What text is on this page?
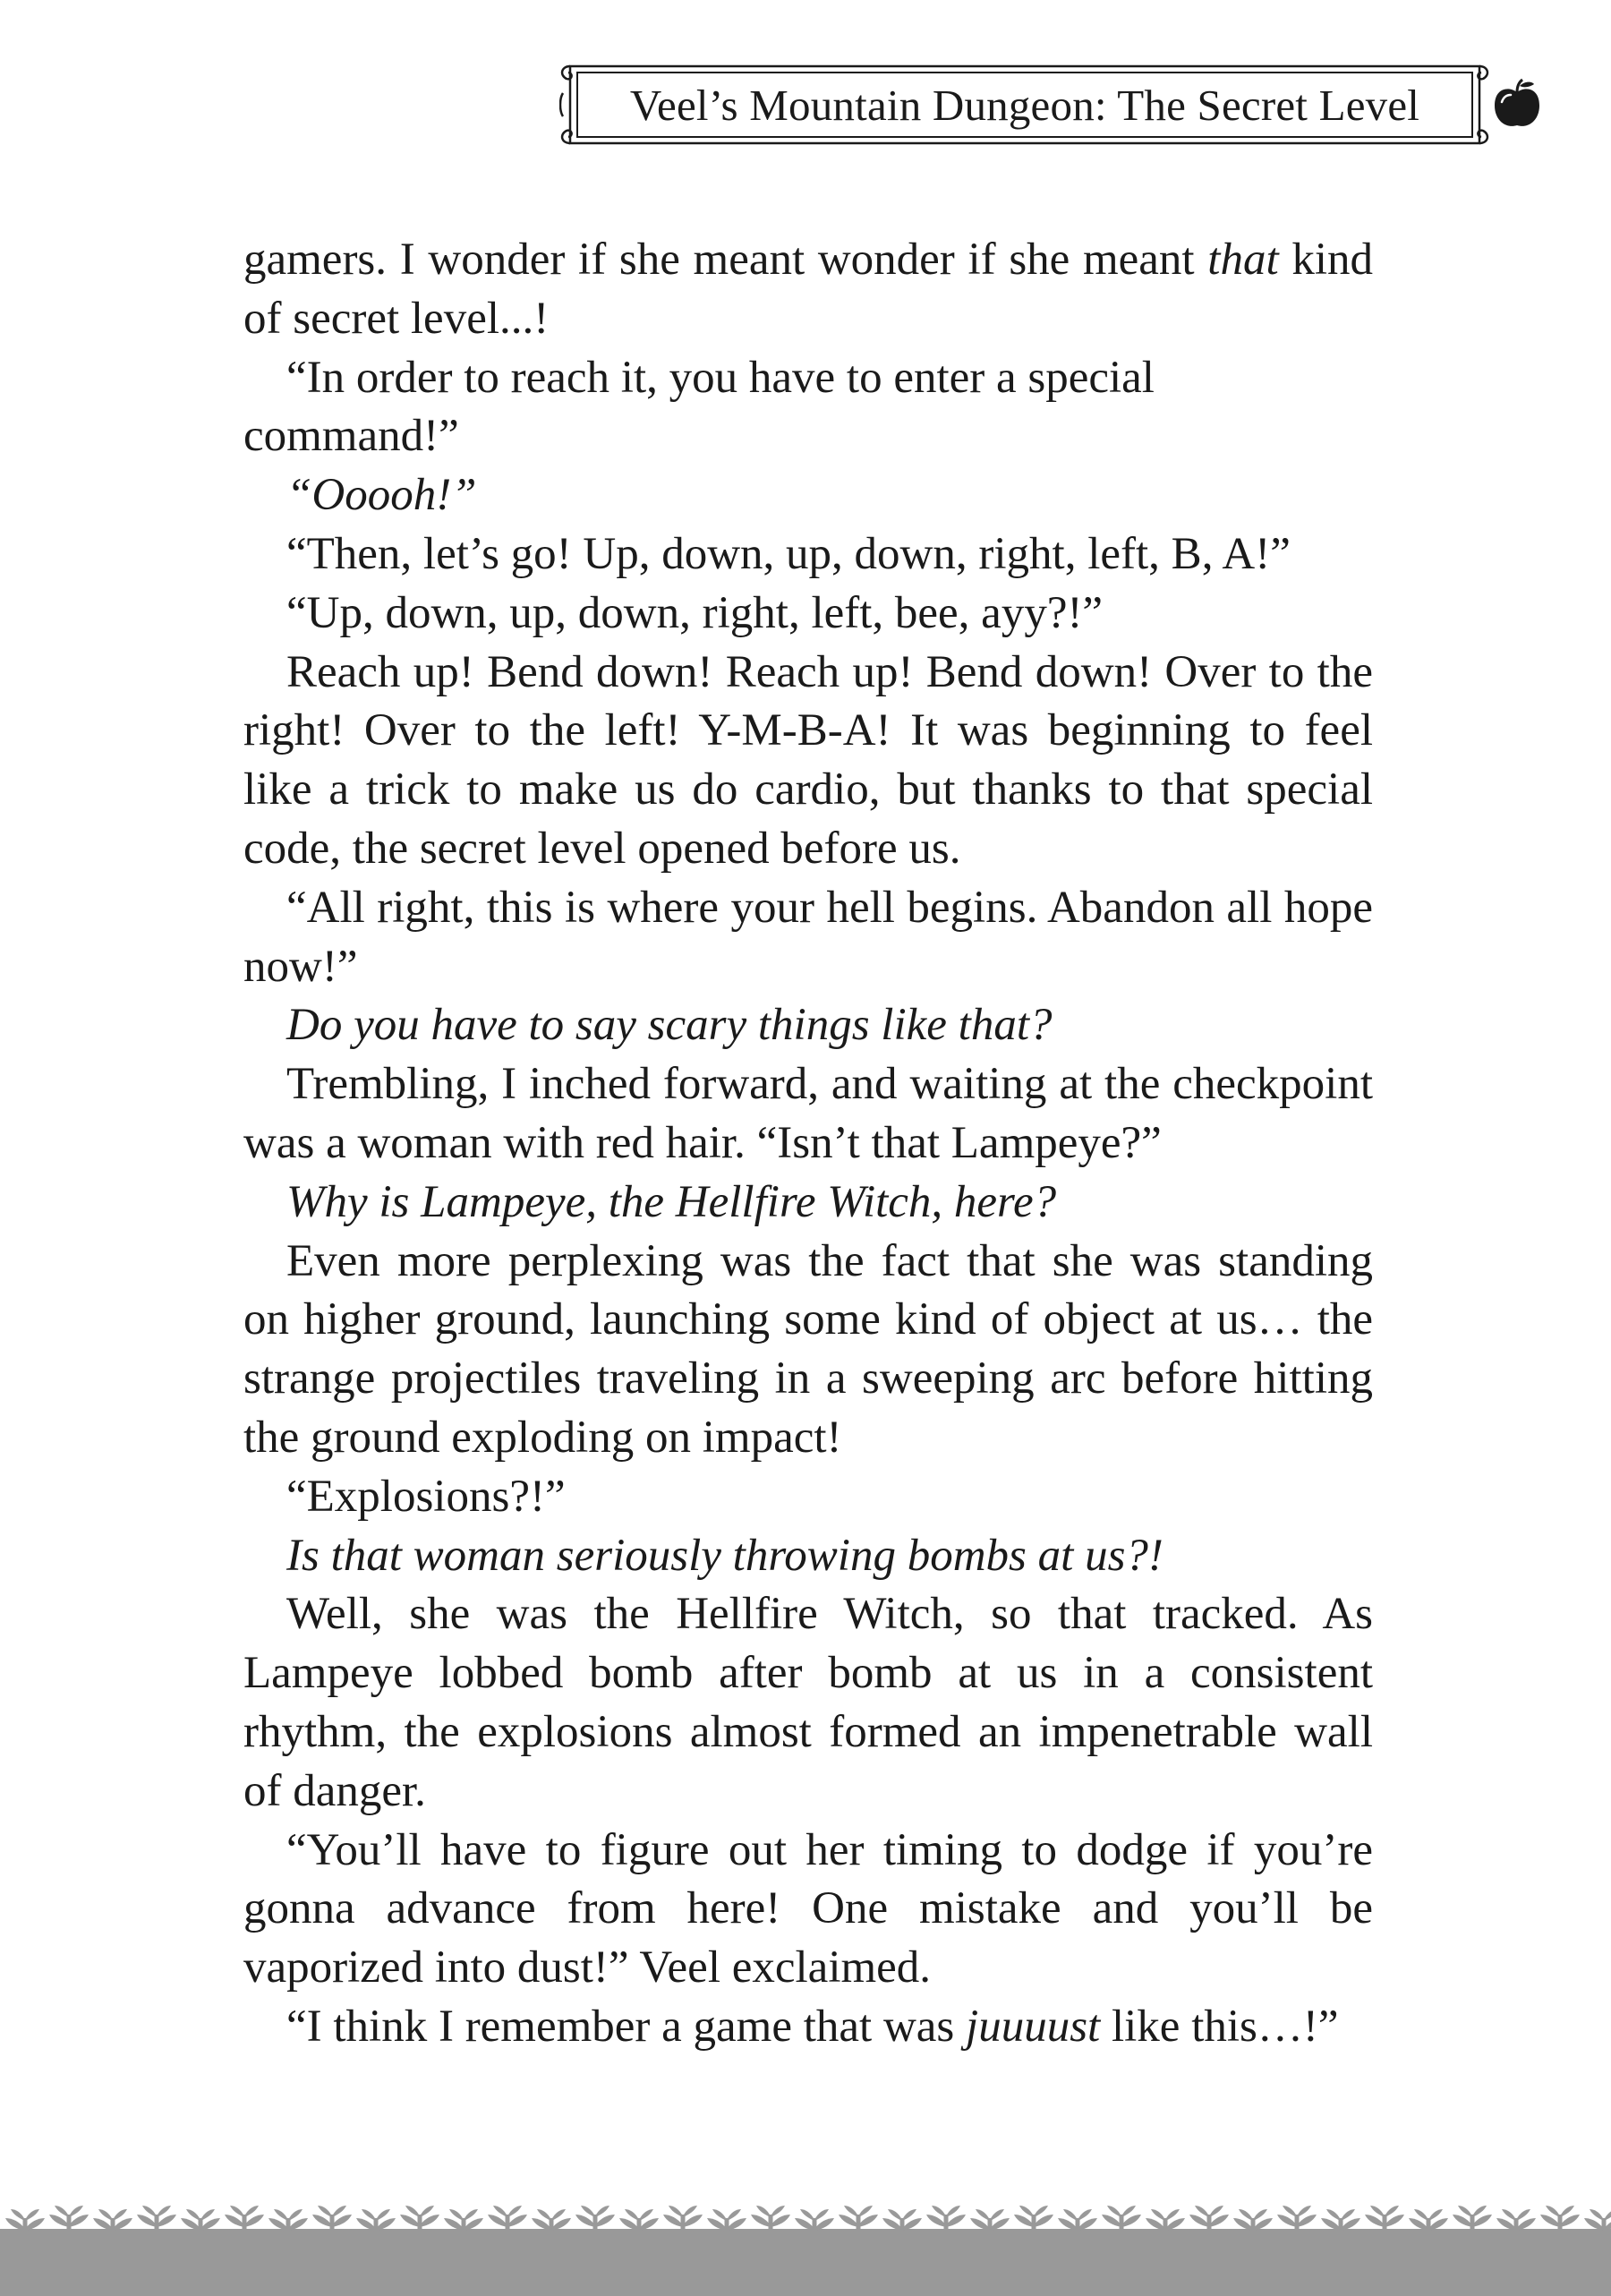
Veel’s Mountain Dungeon: The Secret Level

gamers. I wonder if she meant wonder if she meant that kind of secret level...!

“In order to reach it, you have to enter a special command!”

“Ooooh!”

“Then, let’s go! Up, down, up, down, right, left, B, A!”

“Up, down, up, down, right, left, bee, ayy?!”

Reach up! Bend down! Reach up! Bend down! Over to the right! Over to the left! Y-M-B-A! It was beginning to feel like a trick to make us do cardio, but thanks to that special code, the secret level opened before us.

“All right, this is where your hell begins. Abandon all hope now!”

Do you have to say scary things like that?

Trembling, I inched forward, and waiting at the checkpoint was a woman with red hair. “Isn’t that Lampeye?”

Why is Lampeye, the Hellfire Witch, here?

Even more perplexing was the fact that she was standing on higher ground, launching some kind of object at us… the strange projectiles traveling in a sweeping arc before hitting the ground exploding on impact!

“Explosions?!”

Is that woman seriously throwing bombs at us?!

Well, she was the Hellfire Witch, so that tracked. As Lampeye lobbed bomb after bomb at us in a consistent rhythm, the explosions almost formed an impenetrable wall of danger.

“You’ll have to figure out her timing to dodge if you’re gonna advance from here! One mistake and you’ll be vaporized into dust!” Veel exclaimed.

“I think I remember a game that was juuuust like this…!”
